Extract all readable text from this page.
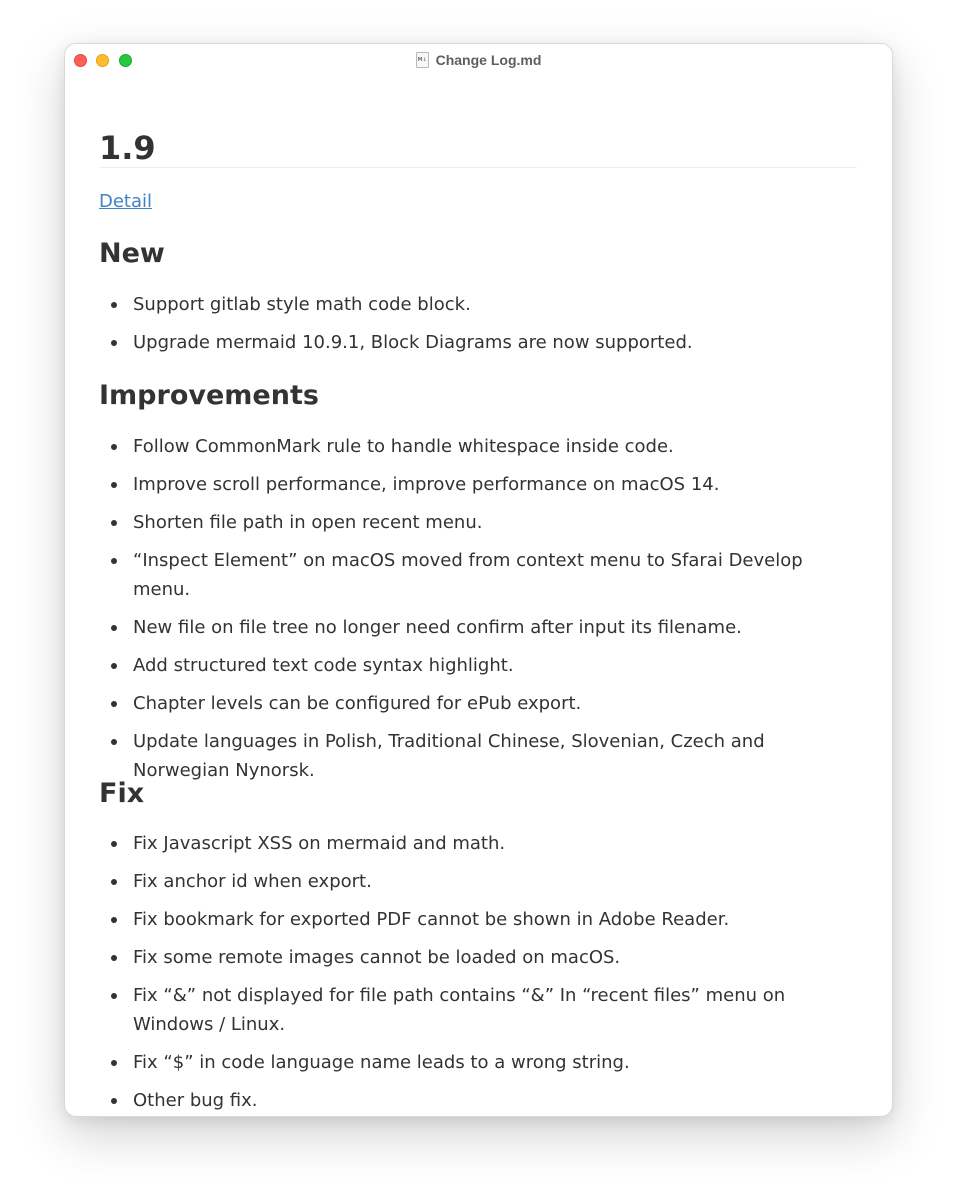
M↓ Change Log.md
1.9
Detail
New
Support gitlab style math code block.
Upgrade mermaid 10.9.1, Block Diagrams are now supported.
Improvements
Follow CommonMark rule to handle whitespace inside code.
Improve scroll performance, improve performance on macOS 14.
Shorten file path in open recent menu.
“Inspect Element” on macOS moved from context menu to Sfarai Develop menu.
New file on file tree no longer need confirm after input its filename.
Add structured text code syntax highlight.
Chapter levels can be configured for ePub export.
Update languages in Polish, Traditional Chinese, Slovenian, Czech and Norwegian Nynorsk.
Fix
Fix Javascript XSS on mermaid and math.
Fix anchor id when export.
Fix bookmark for exported PDF cannot be shown in Adobe Reader.
Fix some remote images cannot be loaded on macOS.
Fix “&” not displayed for file path contains “&” In “recent files” menu on Windows / Linux.
Fix “$” in code language name leads to a wrong string.
Other bug fix.
